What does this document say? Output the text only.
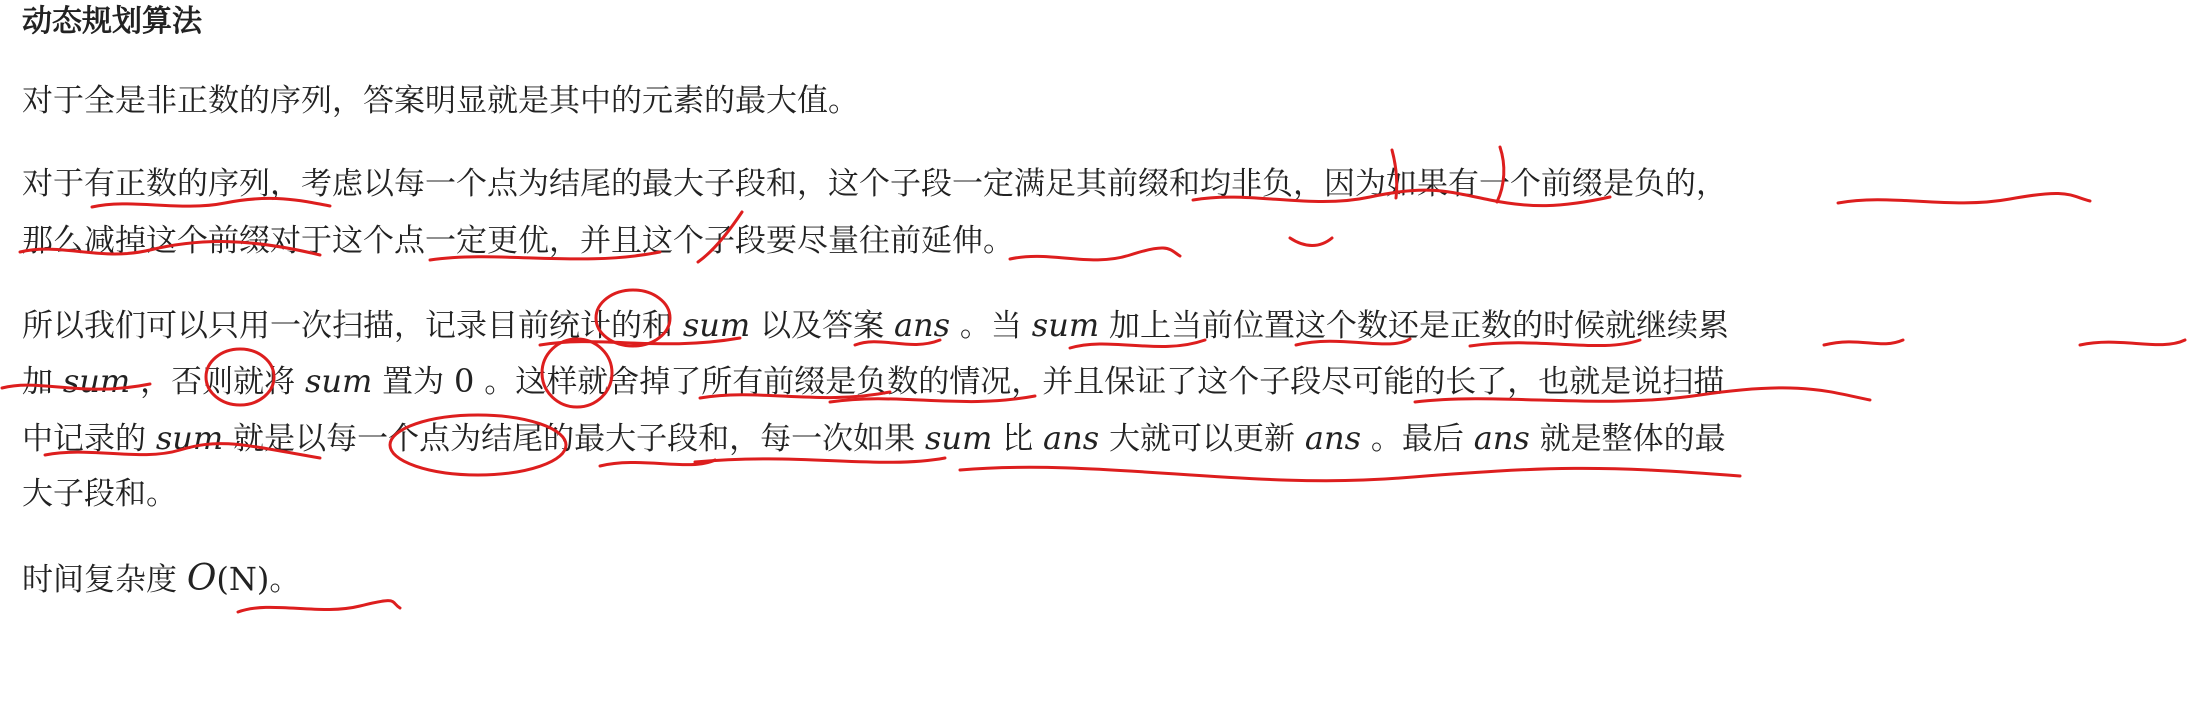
动态规划算法
对于全是非正数的序列，答案明显就是其中的元素的最大值。
对于有正数的序列，考虑以每一个点为结尾的最大子段和，这个子段一定满足其前缀和均非负，因为如果有一个前缀是负的，
那么减掉这个前缀对于这个点一定更优，并且这个子段要尽量往前延伸。
所以我们可以只用一次扫描，记录目前统计的和 sum 以及答案 ans 。当 sum 加上当前位置这个数还是正数的时候就继续累
加 sum ，否则就将 sum 置为 0 。这样就舍掉了所有前缀是负数的情况，并且保证了这个子段尽可能的长了，也就是说扫描
中记录的 sum 就是以每一个点为结尾的最大子段和，每一次如果 sum 比 ans 大就可以更新 ans 。最后 ans 就是整体的最
大子段和。
时间复杂度 O(N)。
